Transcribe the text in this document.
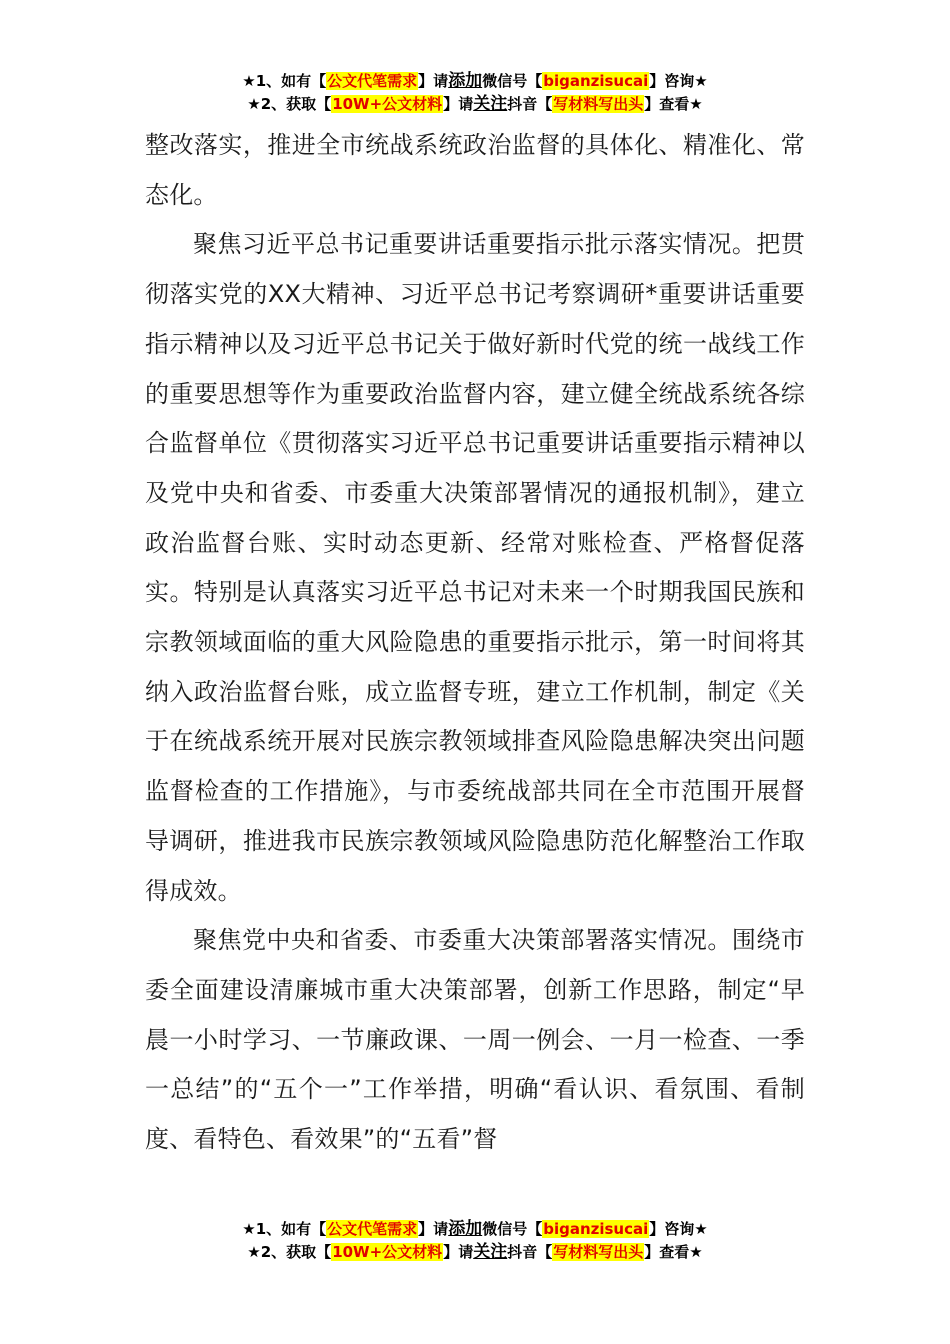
★1、如有【公文代笔需求】请添加微信号【biganzisucai】咨询★
★2、获取【10W+公文材料】请关注抖音【写材料写出头】查看★

整改落实，推进全市统战系统政治监督的具体化、精准化、常态化。

聚焦习近平总书记重要讲话重要指示批示落实情况。把贯彻落实党的XX大精神、习近平总书记考察调研*重要讲话重要指示精神以及习近平总书记关于做好新时代党的统一战线工作的重要思想等作为重要政治监督内容，建立健全统战系统各综合监督单位《贯彻落实习近平总书记重要讲话重要指示精神以及党中央和省委、市委重大决策部署情况的通报机制》，建立政治监督台账、实时动态更新、经常对账检查、严格督促落实。特别是认真落实习近平总书记对未来一个时期我国民族和宗教领域面临的重大风险隐患的重要指示批示，第一时间将其纳入政治监督台账，成立监督专班，建立工作机制，制定《关于在统战系统开展对民族宗教领域排查风险隐患解决突出问题监督检查的工作措施》，与市委统战部共同在全市范围开展督导调研，推进我市民族宗教领域风险隐患防范化解整治工作取得成效。

聚焦党中央和省委、市委重大决策部署落实情况。围绕市委全面建设清廉城市重大决策部署，创新工作思路，制定“早晨一小时学习、一节廉政课、一周一例会、一月一检查、一季一总结”的“五个一”工作举措，明确“看认识、看氛围、看制度、看特色、看效果”的“五看”督

★1、如有【公文代笔需求】请添加微信号【biganzisucai】咨询★
★2、获取【10W+公文材料】请关注抖音【写材料写出头】查看★
